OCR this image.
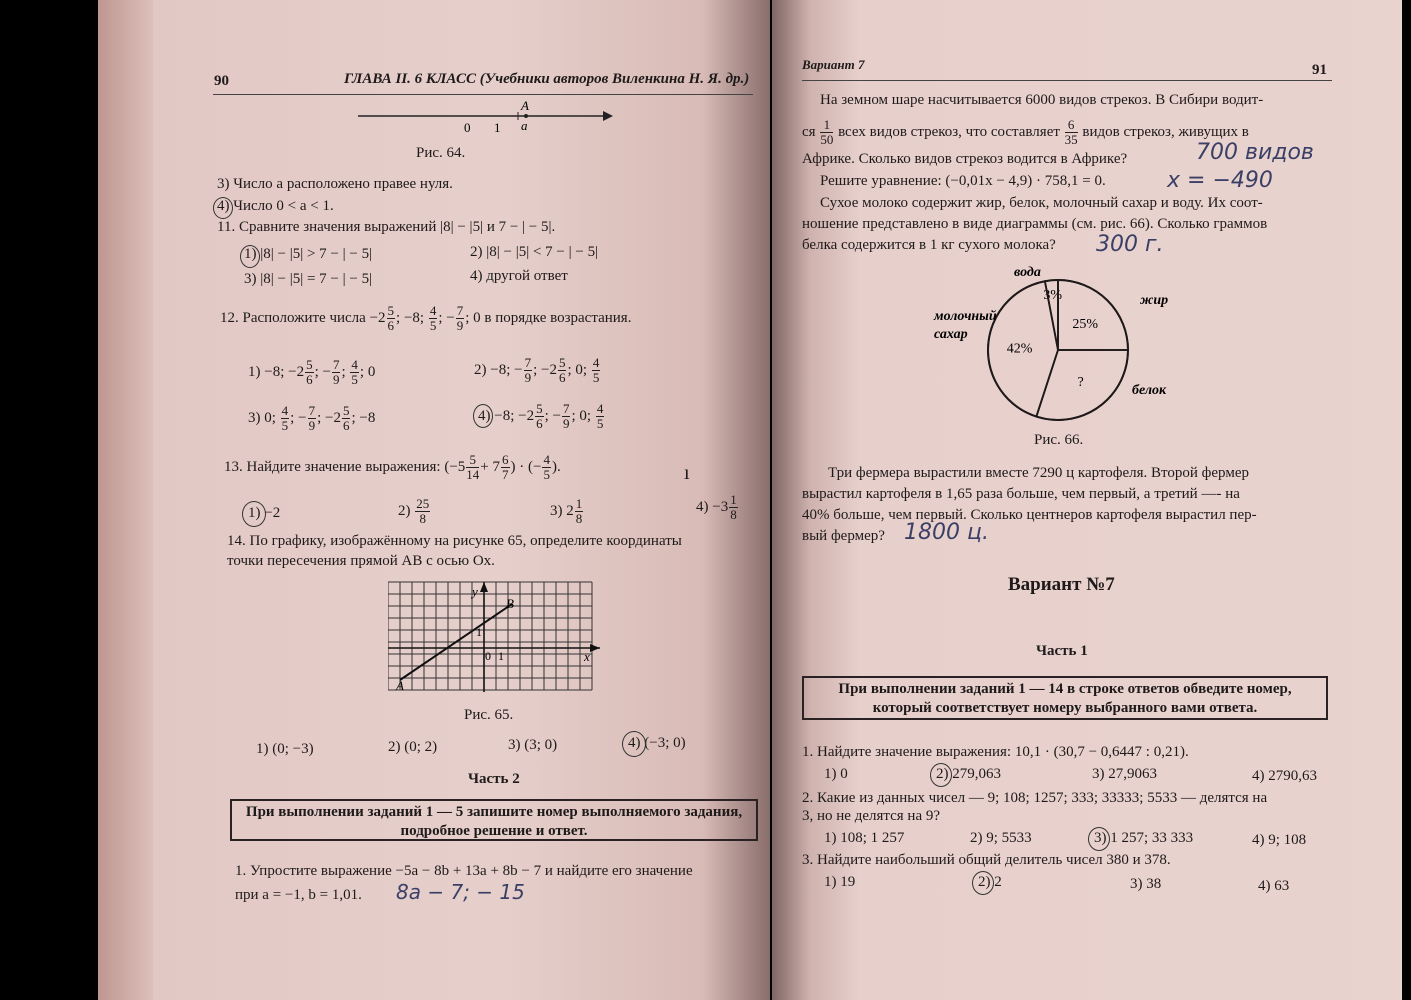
90	ГЛАВА II. 6 КЛАСС (Учебники авторов Виленкина Н. Я. др.)
A
a
0 1
Рис. 64.
3) Число a расположено правее нуля.
4) Число 0 < a < 1.
11. Сравните значения выражений |8| − |5| и 7 − | − 5|.
1) |8| − |5| > 7 − | − 5|	2) |8| − |5| < 7 − | − 5|
3) |8| − |5| = 7 − | − 5|	4) другой ответ
12. Расположите числа $-2 \frac{5}{6}$ ; −8; $\frac{4}{5}$ ; − $\frac{7}{9}$ ; 0 в порядке возрастания.
1) −8; $-2 \frac{5}{6}$ ; − $\frac{7}{9}$ ; $\frac{4}{5}$ ; 0	2) −8; − $\frac{7}{9}$ ; $-2 \frac{5}{6}$ ; 0; $\frac{4}{5}$
3) 0; $\frac{4}{5}$ ; − $\frac{7}{9}$ ; $-2 \frac{5}{6}$ ; −8	4) −8; $-2 \frac{5}{6}$ ; − $\frac{7}{9}$ ; 0; $\frac{4}{5}$
13. Найдите значение выражения: ($-5 \frac{5}{14} + 7 \frac{6}{7}$ ) · (− $\frac{4}{5}$ ).	ı
1) −2	$2) \frac{25}{8}$	3) $2 \frac{1}{8}$	$4) -3 \frac{1}{8}$
14. По графику, изображённому на рисунке 65, определите координаты
точки пересечения прямой AB с осью Ox.
y
x
B
A
1
0 1
Рис. 65.
1) (0; −3)	2) (0; 2)	3) (3; 0)	4) (−3; 0)
Часть 2
При выполнении заданий 1 — 5 запишите номер выполняемого задания, подробное решение и ответ.
1. Упростите выражение −5a − 8b + 13a + 8b − 7 и найдите его значение
при a = −1, b = 1,01. 8a − 7; − 15
Вариант 7	91
На земном шаре насчитывается 6000 видов стрекоз. В Сибири водит-
ся $\frac{1}{50}$ всех видов стрекоз, что составляет $\frac{6}{35}$ видов стрекоз, живущих в
Африке. Сколько видов стрекоз водится в Африке?	700 видов
Решите уравнение: (−0,01x − 4,9) · 758,1 = 0.	x = −490
Сухое молоко содержит жир, белок, молочный сахар и воду. Их соот-
ношение представлено в виде диаграммы (см. рис. 66). Сколько граммов
белка содержится в 1 кг сухого молока? 300 г.
3%
вода
25%
жир
?
белок
42%
молочный
сахар
Рис. 66.
Три фермера вырастили вместе 7290 ц картофеля. Второй фермер
вырастил картофеля в 1,65 раза больше, чем первый, а третий —- на
40% больше, чем первый. Сколько центнеров картофеля вырастил пер-
вый фермер? 1800 ц.
Вариант №7
Часть 1
При выполнении заданий 1 — 14 в строке ответов обведите номер, который соответствует номеру выбранного вами ответа.
1. Найдите значение выражения: 10,1 · (30,7 − 0,6447 : 0,21).
1) 0	2) 279,063	3) 27,9063	4) 2790,63
2. Какие из данных чисел — 9; 108; 1257; 333; 33333; 5533 — делятся на
3, но не делятся на 9?
1) 108; 1 257	2) 9; 5533	3) 1 257; 33 333	4) 9; 108
3. Найдите наибольший общий делитель чисел 380 и 378.
1) 19	2) 2	3) 38	4) 63
